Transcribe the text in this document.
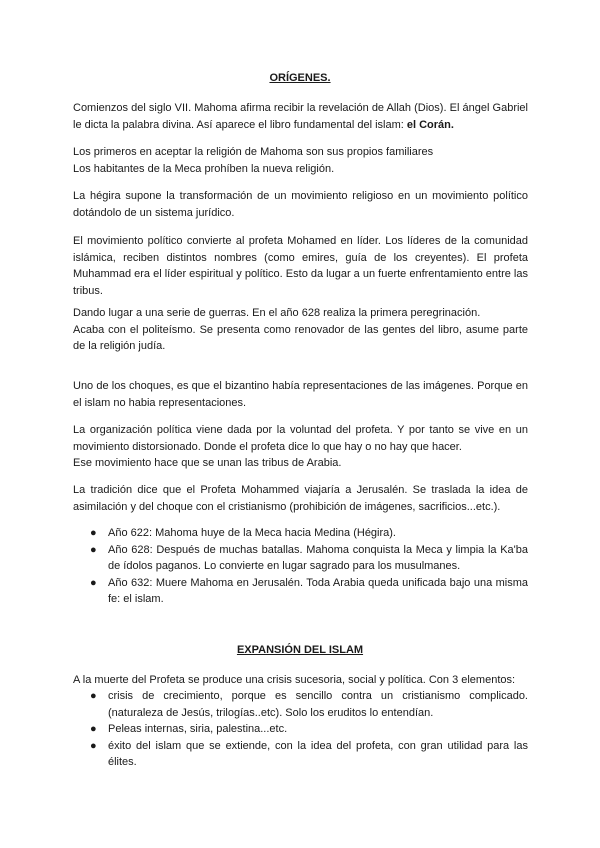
ORÍGENES.

Comienzos del siglo VII. Mahoma afirma recibir la revelación de Allah (Dios). El ángel Gabriel le dicta la palabra divina. Así aparece el libro fundamental del islam: el Corán.

Los primeros en aceptar la religión de Mahoma son sus propios familiares
Los habitantes de la Meca prohíben la nueva religión.

La hégira supone la transformación de un movimiento religioso en un movimiento político dotándolo de un sistema jurídico.

El movimiento político convierte al profeta Mohamed en líder. Los líderes de la comunidad islámica, reciben distintos nombres (como emires, guía de los creyentes). El profeta Muhammad era el líder espiritual y político. Esto da lugar a un fuerte enfrentamiento entre las tribus.

Dando lugar a una serie de guerras. En el año 628 realiza la primera peregrinación.
Acaba con el politeísmo. Se presenta como renovador de las gentes del libro, asume parte de la religión judía.

Uno de los choques, es que el bizantino había representaciones de las imágenes. Porque en el islam no habia representaciones.

La organización política viene dada por la voluntad del profeta. Y por tanto se vive en un movimiento distorsionado. Donde el profeta dice lo que hay o no hay que hacer.
Ese movimiento hace que se unan las tribus de Arabia.

La tradición dice que el Profeta Mohammed viajaría a Jerusalén. Se traslada la idea de asimilación y del choque con el cristianismo (prohibición de imágenes, sacrificios...etc.).

● Año 622: Mahoma huye de la Meca hacia Medina (Hégira).
● Año 628: Después de muchas batallas. Mahoma conquista la Meca y limpia la Ka'ba de ídolos paganos. Lo convierte en lugar sagrado para los musulmanes.
● Año 632: Muere Mahoma en Jerusalén. Toda Arabia queda unificada bajo una misma fe: el islam.
EXPANSIÓN DEL ISLAM

A la muerte del Profeta se produce una crisis sucesoria, social y política. Con 3 elementos:

● crisis de crecimiento, porque es sencillo contra un cristianismo complicado.(naturaleza de Jesús, trilogías..etc). Solo los eruditos lo entendían.
● Peleas internas, siria, palestina...etc.
● éxito del islam que se extiende, con la idea del profeta, con gran utilidad para las élites.
